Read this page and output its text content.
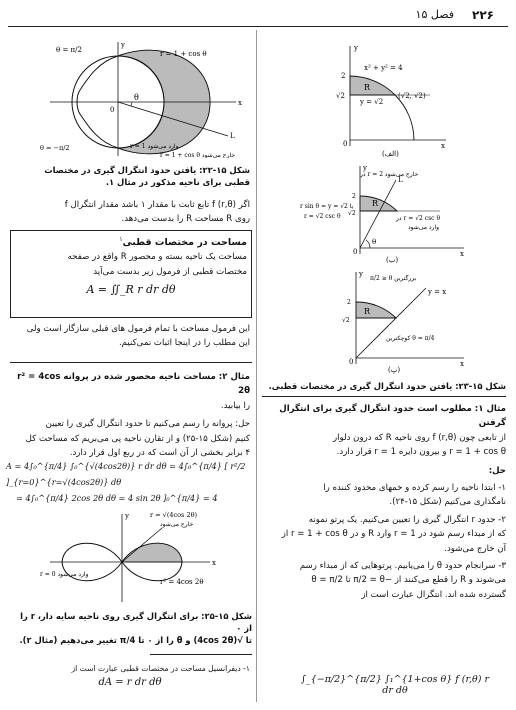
۲۲۶
فصل ۱۵
θ
0
x
y
L
θ = π/2	r = 1 + cos θ
θ = −π/2	r = 1 وارد می‌شود
r = 1 + cos θ خارج می‌شود
شکل ۱۵-۲۲: یافتن حدود انتگرال گیری در مختصات
قطبی برای ناحیه مذکور در مثال ۱.
اگر f (r,θ) تابع ثابت با مقدار ۱ باشد مقدار انتگرال f
روی R مساحت R را بدست می‌دهد.
مساحت در مختصات قطبی$^۱$
مساحت یک ناحیه بسته و محصور R واقع در صفحه
مختصات قطبی از فرمول زیر بدست می‌آید
A = ∬_R r dr dθ
این فرمول مساحت با تمام فرمول های قبلی سازگار است ولی
این مطلب را در اینجا اثبات نمی‌کنیم.
مثال ۲: مساحت ناحیه محصور شده در پروانه r² = 4cos 2θ
را بیابید.
حل: پروانه را رسم می‌کنیم تا حدود انتگرال گیری را تعیین
کنیم (شکل ۱۵-۲۵) و از تقارن ناحیه پی می‌بریم که مساحت کل
۴ برابر بخشی از آن است که در ربع اول قرار دارد.
A = 4∫₀^{π/4} ∫₀^{√(4cos2θ)} r dr dθ = 4∫₀^{π/4} [ r²/2 ]_{r=0}^{r=√(4cos2θ)} dθ
= 4∫₀^{π/4} 2cos 2θ dθ = 4 sin 2θ ]₀^{π/4} = 4
x
y	r = √(4cos 2θ)
خارج می‌شود
r = 0 وارد می‌شود
r² = 4cos 2θ
شکل ۱۵-۲۵: برای انتگرال گیری روی ناحیه سایه دار، r را از ۰
تا √(4cos 2θ) و θ را از ۰ تا π/4 تغییر می‌دهیم (مثال ۲).
۱- دیفرانسیل مساحت در مختصات قطبی عبارت است از
dA = r dr dθ
x² + y² = 4
R
y = √2
(√2, √2)
√2
2
0	x
y
(الف)
در r = 2 خارج می‌شود
L
R
r sin θ = y = √2 یا
r = √2 csc θ	در r = √2 csc θ
وارد می‌شود
θ
√2
2
0	x
y
(ب)
π/2 ≥ θ بزرگترین
y = x
R
کوچکترین θ = π/4
√2
2
0	x
y
(پ)
شکل ۱۵-۲۳: یافتن حدود انتگرال گیری در مختصات قطبی.
مثال ۱: مطلوب است حدود انتگرال گیری برای انتگرال گرفتن
از تابعی چون f (r,θ) روی ناحیه R که درون دلوار
r = 1 + cos θ و بیرون دایره r = 1 قرار دارد.
حل:
۱- ابتدا ناحیه را رسم کرده و خمهای محدود کننده را
نامگذاری می‌کنیم (شکل ۱۵-۲۴).
۲- حدود r انتگرال گیری را تعیین می‌کنیم. یک پرتو نمونه
که از مبداء رسم شود در r = 1 وارد R و در r = 1 + cos θ از
آن خارج می‌شود.
۳- سرانجام حدود θ را می‌یابیم. پرتوهایی که از مبداء رسم
می‌شوند و R را قطع می‌کنند از −π/2 = θ تا θ = π/2
گسترده شده اند. انتگرال عبارت است از
∫_{−π/2}^{π/2} ∫₁^{1+cos θ} f (r,θ) r dr dθ
